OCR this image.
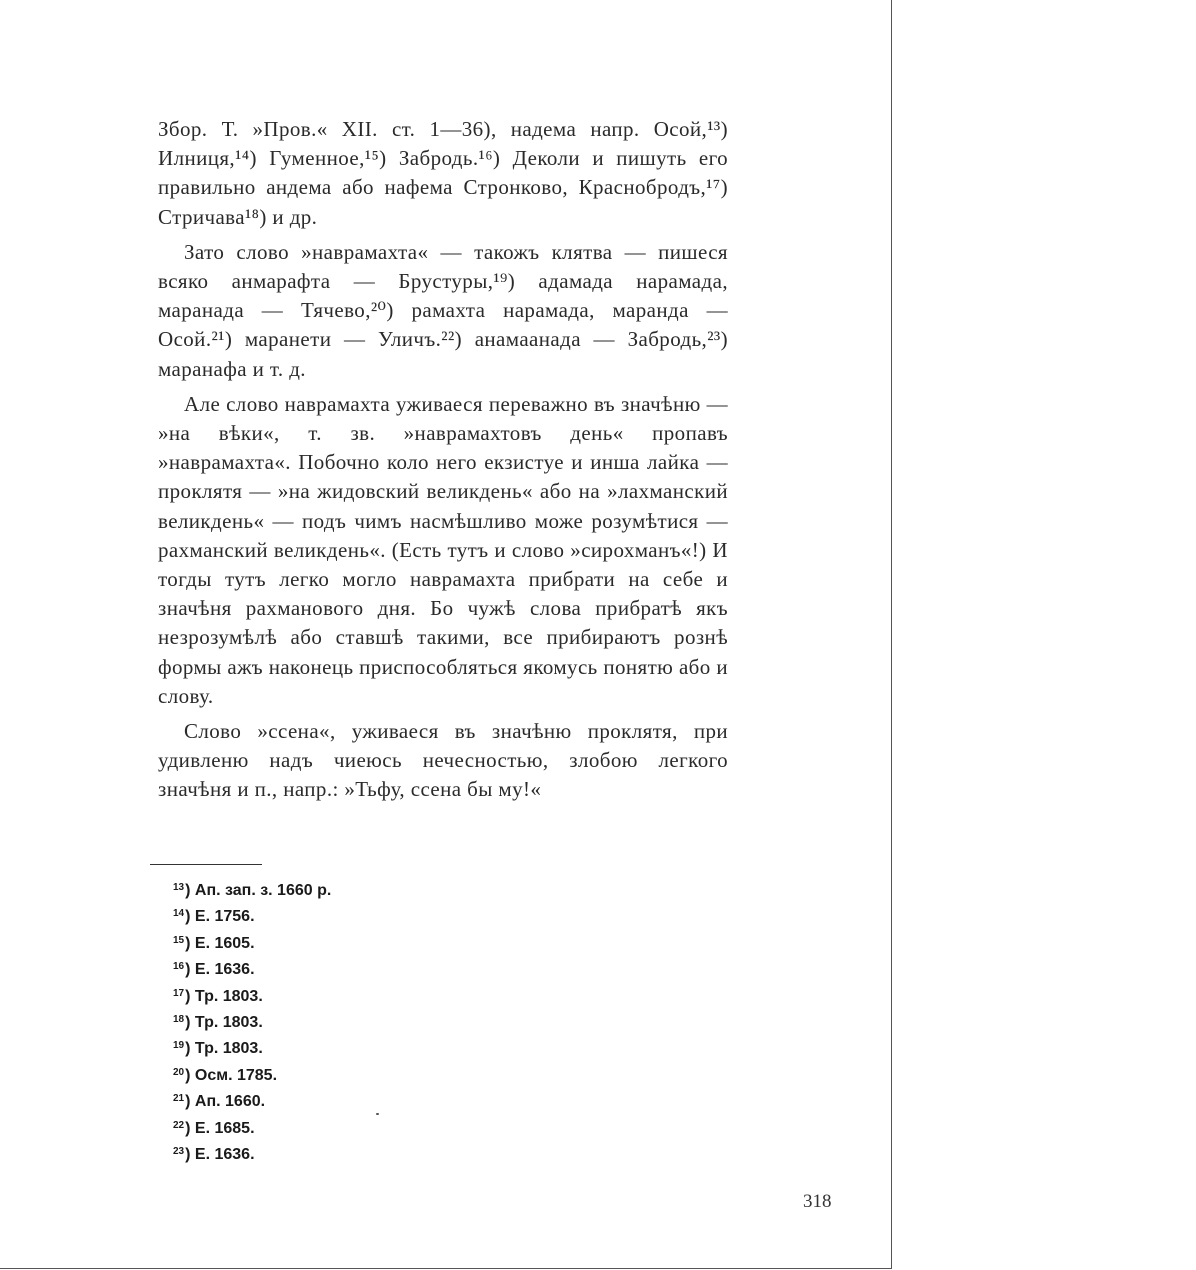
Збор. Т. »Пров.« XII. ст. 1—36), надема напр. Осой,¹³) Илниця,¹⁴) Гуменное,¹⁵) Забродь.¹⁶) Деколи и пишуть его правильно андема або нафема Стронково, Краснобродъ,¹⁷) Стричава¹⁸) и др.

Зато слово »наврамахта« — такожъ клятва — пишеся всяко анмарафта — Брустуры,¹⁹) адамада нарамада, маранада — Тячево,²⁰) рамахта нарамада, маранда — Осой.²¹) маранети — Уличъ.²²) анамаанада — Забродь,²³) маранафа и т. д.

Але слово наврамахта уживаеся переважно въ значѣню — »на вѣки«, т. зв. »наврамахтовъ день« пропавъ »наврамахта«. Побочно коло него екзистуе и инша лайка — проклятя — »на жидовский великдень« або на »лахманский великдень« — подъ чимъ насмѣшливо може розумѣтися — рахманский великдень«. (Есть тутъ и слово »сирохманъ«!) И тогды тутъ легко могло наврамахта прибрати на себе и значѣня рахманового дня. Бо чужѣ слова прибратѣ якъ незрозумѣлѣ або ставшѣ такими, все прибираютъ рознѣ формы ажъ наконець приспособляться якомусь понятю або и слову.

Слово »ссена«, уживаеся въ значѣню проклятя, при удивленю надъ чиеюсь нечесностью, злобою легкого значѣня и п., напр.: »Тьфу, ссена бы му!«

$^{13}$) Ап. зап. з. 1660 р.
$^{14}$) Е. 1756.
$^{15}$) Е. 1605.
$^{16}$) Е. 1636.
$^{17}$) Тр. 1803.
$^{18}$) Тр. 1803.
$^{19}$) Тр. 1803.
$^{20}$) Осм. 1785.
$^{21}$) Ап. 1660.
$^{22}$) Е. 1685.
$^{23}$) Е. 1636.
318
